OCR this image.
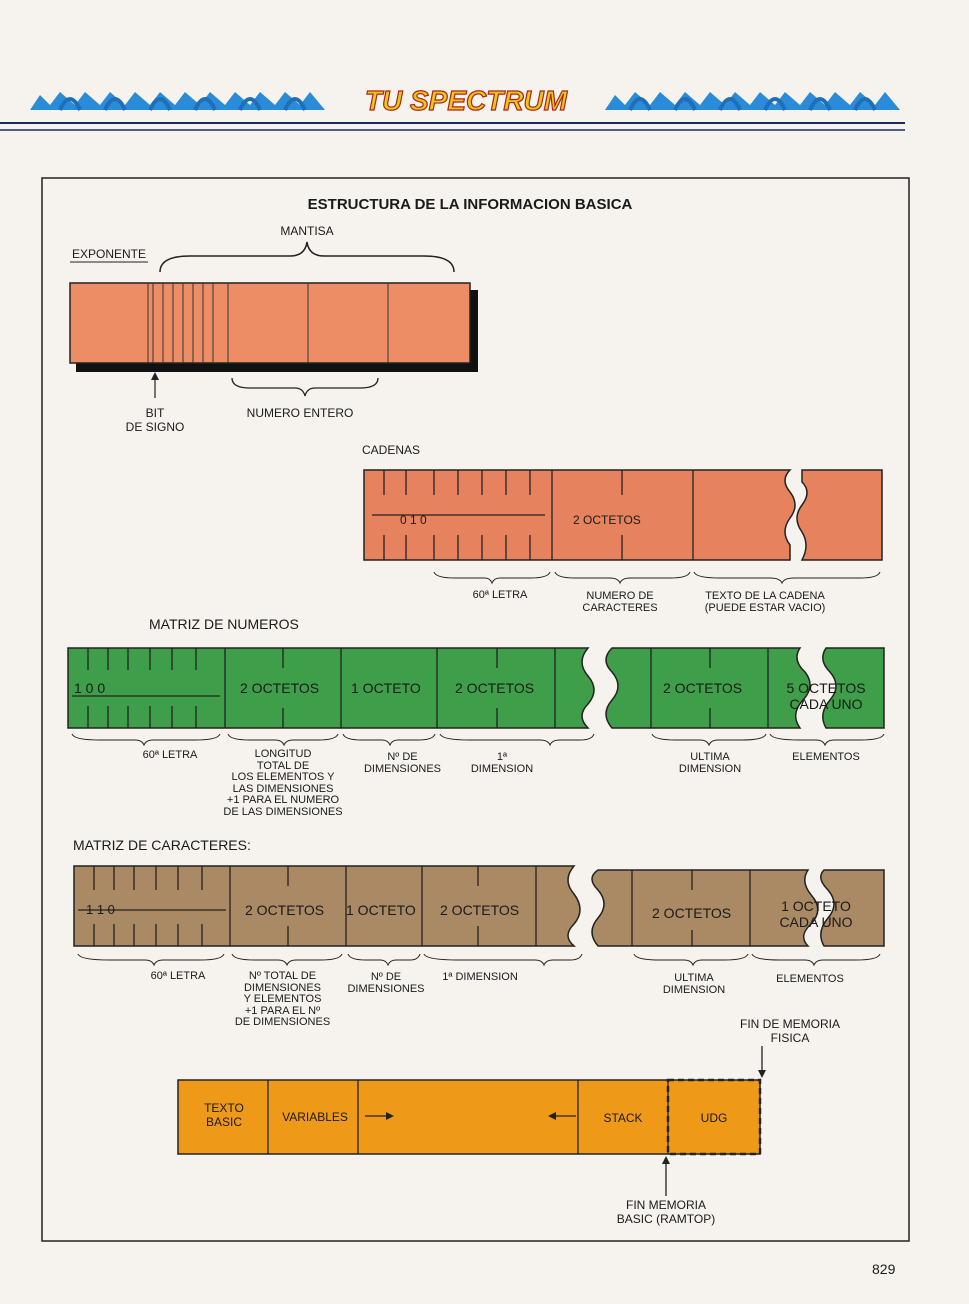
TU SPECTRUM
ESTRUCTURA DE LA INFORMACION BASICA
MANTISA
EXPONENTE
BIT
DE SIGNO
NUMERO ENTERO
CADENAS
0 1 0	2 OCTETOS
60ª LETRA	NUMERO DE
CARACTERES
TEXTO DE LA CADENA
(PUEDE ESTAR VACIO)
MATRIZ DE NUMEROS
1 0 0	2 OCTETOS 1 OCTETO 2 OCTETOS	2 OCTETOS	5 OCTETOS
CADA UNO
60ª LETRA	LONGITUD
TOTAL DE
LOS ELEMENTOS Y
LAS DIMENSIONES
+1 PARA EL NUMERO
DE LAS DIMENSIONES
Nº DE
DIMENSIONES
1ª
DIMENSION
ULTIMA
DIMENSION
ELEMENTOS
MATRIZ DE CARACTERES:
1 1 0	2 OCTETOS 1 OCTETO 2 OCTETOS	2 OCTETOS	1 OCTETO
CADA UNO
60ª LETRA	Nº TOTAL DE
DIMENSIONES
Y ELEMENTOS
+1 PARA EL Nº
DE DIMENSIONES
Nº DE
DIMENSIONES
1ª DIMENSION	ULTIMA
DIMENSION
ELEMENTOS
FIN DE MEMORIA
FISICA
TEXTO
BASIC	VARIABLES	STACK	UDG
FIN MEMORIA
BASIC (RAMTOP)
829
